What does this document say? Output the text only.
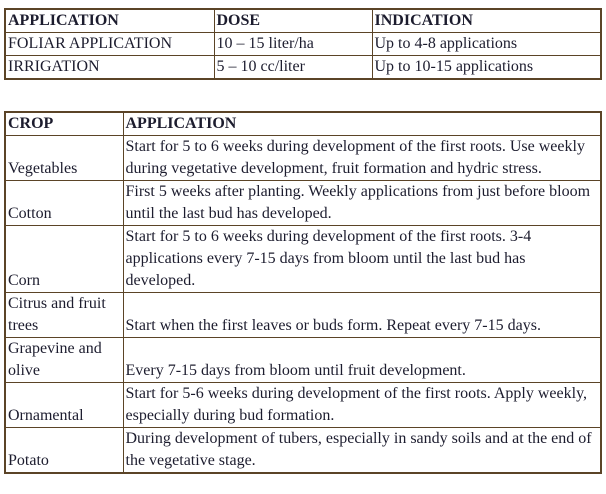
APPLICATION	DOSE	INDICATION
FOLIAR APPLICATION	10 – 15 liter/ha	Up to 4-8 applications
IRRIGATION	5 – 10 cc/liter	Up to 10-15 applications
CROP	APPLICATION
Vegetables	Start for 5 to 6 weeks during development of the first roots. Use weekly during vegetative development, fruit formation and hydric stress.
Cotton	First 5 weeks after planting. Weekly applications from just before bloom until the last bud has developed.
Corn	Start for 5 to 6 weeks during development of the first roots. 3-4 applications every 7-15 days from bloom until the last bud has developed.
Citrus and fruit trees	Start when the first leaves or buds form. Repeat every 7-15 days.
Grapevine and olive	Every 7-15 days from bloom until fruit development.
Ornamental	Start for 5-6 weeks during development of the first roots. Apply weekly, especially during bud formation.
Potato	During development of tubers, especially in sandy soils and at the end of the vegetative stage.
